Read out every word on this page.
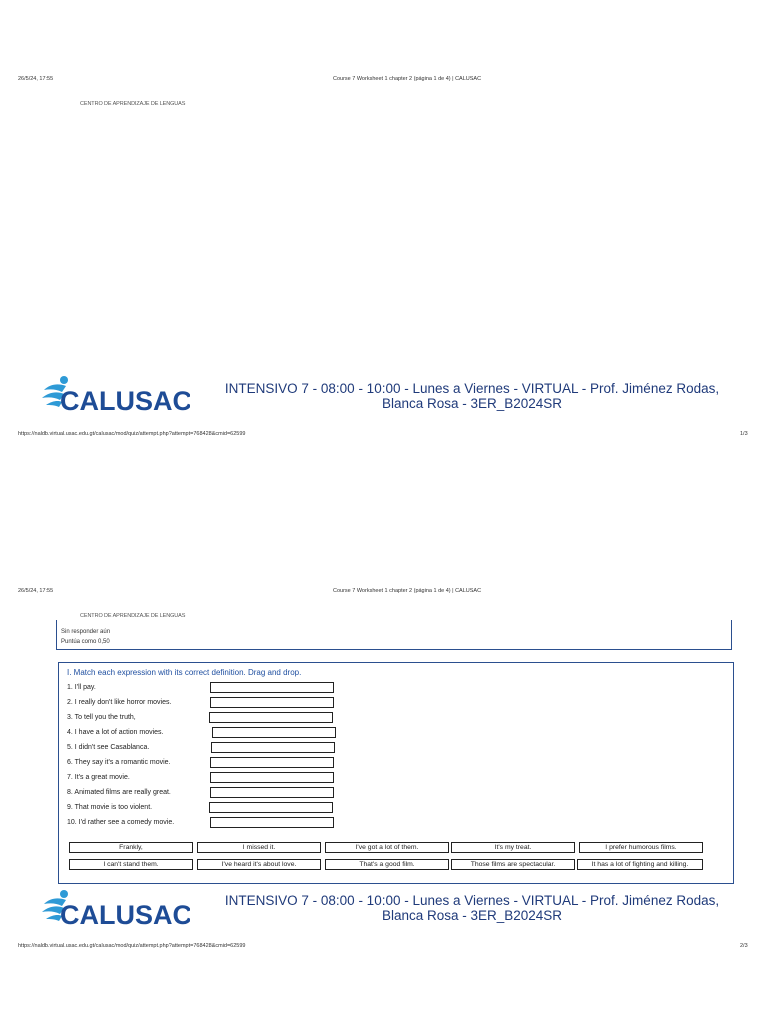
26/5/24, 17:55	Course 7 Worksheet 1 chapter 2 (página 1 de 4) | CALUSAC
CENTRO DE APRENDIZAJE DE LENGUAS
CALUSAC	INTENSIVO 7 - 08:00 - 10:00 - Lunes a Viernes - VIRTUAL - Prof. Jiménez Rodas,
Blanca Rosa - 3ER_B2024SR
https://naldb.virtual.usac.edu.gt/calusac/mod/quiz/attempt.php?attempt=768428&cmid=62599	1/3
26/5/24, 17:55	Course 7 Worksheet 1 chapter 2 (página 1 de 4) | CALUSAC
CENTRO DE APRENDIZAJE DE LENGUAS
Sin responder aún
Puntúa como 0,50
I. Match each expression with its correct definition. Drag and drop.
1. I'll pay.
2. I really don't like horror movies.
3. To tell you the truth,
4. I have a lot of action movies.
5. I didn't see Casablanca.
6. They say it's a romantic movie.
7. It's a great movie.
8. Animated films are really great.
9. That movie is too violent.
10. I'd rather see a comedy movie.
Frankly,	I missed it.	I've got a lot of them.	It's my treat.	I prefer humorous films.
I can't stand them.	I've heard it's about love.	That's a good film.	Those films are spectacular.	It has a lot of fighting and killing.
CALUSAC	INTENSIVO 7 - 08:00 - 10:00 - Lunes a Viernes - VIRTUAL - Prof. Jiménez Rodas,
Blanca Rosa - 3ER_B2024SR
https://naldb.virtual.usac.edu.gt/calusac/mod/quiz/attempt.php?attempt=768428&cmid=62599	2/3
